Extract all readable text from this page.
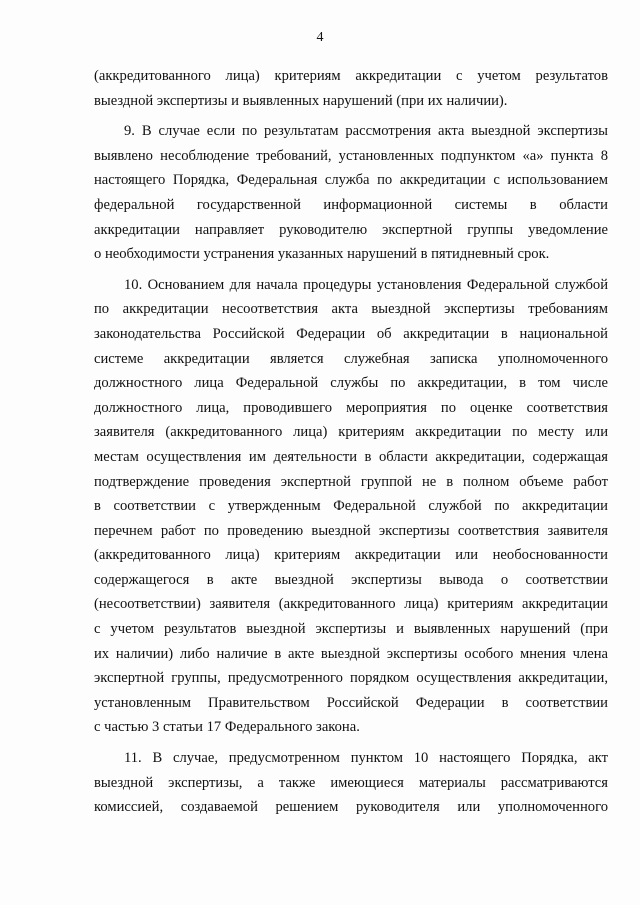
4
(аккредитованного лица) критериям аккредитации с учетом результатов
выездной экспертизы и выявленных нарушений (при их наличии).
9. В случае если по результатам рассмотрения акта выездной экспертизы
выявлено несоблюдение требований, установленных подпунктом «а» пункта 8
настоящего Порядка, Федеральная служба по аккредитации с использованием
федеральной государственной информационной системы в области
аккредитации направляет руководителю экспертной группы уведомление
о необходимости устранения указанных нарушений в пятидневный срок.
10. Основанием для начала процедуры установления Федеральной службой
по аккредитации несоответствия акта выездной экспертизы требованиям
законодательства Российской Федерации об аккредитации в национальной
системе аккредитации является служебная записка уполномоченного
должностного лица Федеральной службы по аккредитации, в том числе
должностного лица, проводившего мероприятия по оценке соответствия
заявителя (аккредитованного лица) критериям аккредитации по месту или
местам осуществления им деятельности в области аккредитации, содержащая
подтверждение проведения экспертной группой не в полном объеме работ
в соответствии с утвержденным Федеральной службой по аккредитации
перечнем работ по проведению выездной экспертизы соответствия заявителя
(аккредитованного лица) критериям аккредитации или необоснованности
содержащегося в акте выездной экспертизы вывода о соответствии
(несоответствии) заявителя (аккредитованного лица) критериям аккредитации
с учетом результатов выездной экспертизы и выявленных нарушений (при
их наличии) либо наличие в акте выездной экспертизы особого мнения члена
экспертной группы, предусмотренного порядком осуществления аккредитации,
установленным Правительством Российской Федерации в соответствии
с частью 3 статьи 17 Федерального закона.
11. В случае, предусмотренном пунктом 10 настоящего Порядка, акт
выездной экспертизы, а также имеющиеся материалы рассматриваются
комиссией, создаваемой решением руководителя или уполномоченного
